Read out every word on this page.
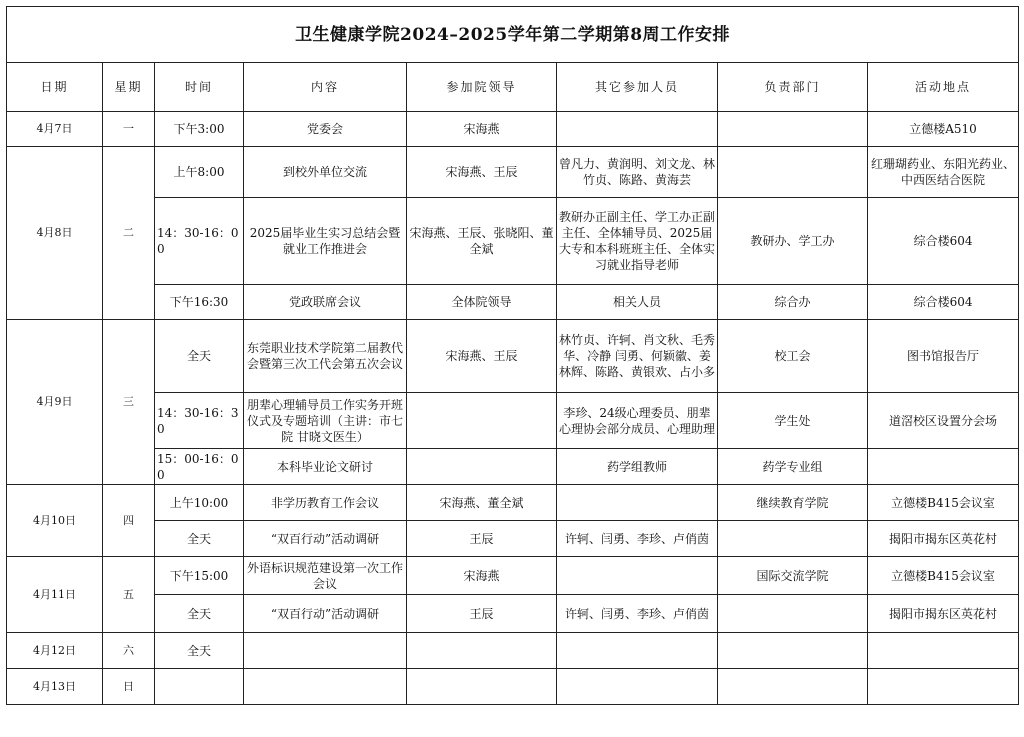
卫生健康学院2024–2025学年第二学期第8周工作安排							
日期	星期	时间	内容	参加院领导	其它参加人员	负责部门	活动地点
4月7日	一	下午3:00	党委会	宋海燕			立德楼A510
4月8日	二	上午8:00	到校外单位交流	宋海燕、王辰	曾凡力、黄润明、刘文龙、林竹贞、陈路、黄海芸		红珊瑚药业、东阳光药业、中西医结合医院
		14：30-16：00	2025届毕业生实习总结会暨就业工作推进会	宋海燕、王辰、张晓阳、董全斌	教研办正副主任、学工办正副主任、全体辅导员、2025届大专和本科班班主任、全体实习就业指导老师	教研办、学工办	综合楼604
		下午16:30	党政联席会议	全体院领导	相关人员	综合办	综合楼604
4月9日	三	全天	东莞职业技术学院第二届教代会暨第三次工代会第五次会议	宋海燕、王辰	林竹贞、许轲、肖文秋、毛秀华、冷静 闫勇、何颖徽、姜林辉、陈路、黄银欢、占小多	校工会	图书馆报告厅
		14：30-16：30	朋辈心理辅导员工作实务开班仪式及专题培训（主讲：市七院 甘晓文医生）		李珍、24级心理委员、朋辈心理协会部分成员、心理助理	学生处	道滘校区设置分会场
		15：00-16：00	本科毕业论文研讨		药学组教师	药学专业组	
4月10日	四	上午10:00	非学历教育工作会议	宋海燕、董全斌		继续教育学院	立德楼B415会议室
		全天	“双百行动”活动调研	王辰	许轲、闫勇、李珍、卢俏茵		揭阳市揭东区英花村
4月11日	五	下午15:00	外语标识规范建设第一次工作会议	宋海燕		国际交流学院	立德楼B415会议室
		全天	“双百行动”活动调研	王辰	许轲、闫勇、李珍、卢俏茵		揭阳市揭东区英花村
4月12日	六	全天					
4月13日	日						
